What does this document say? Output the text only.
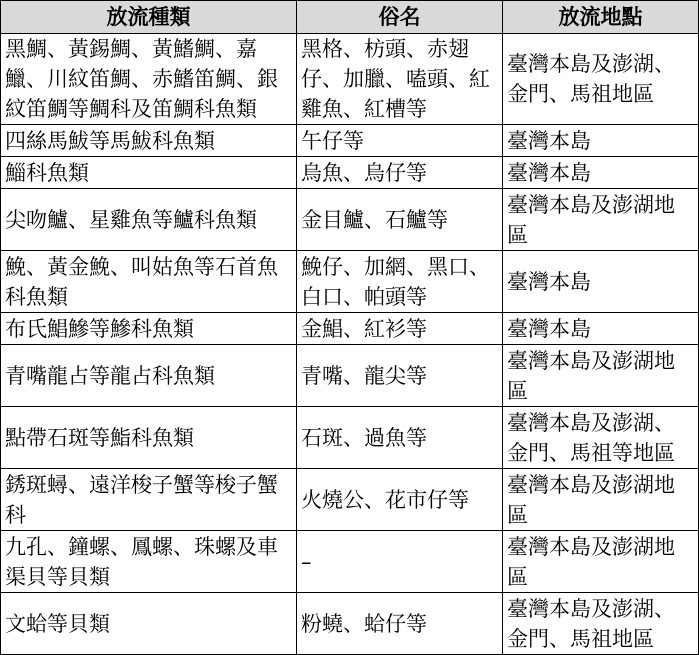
放流種類	俗名	放流地點

黑鯛、黃錫鯛、黃鰭鯛、嘉
鱲、川紋笛鯛、赤鰭笛鯛、銀
紋笛鯛等鯛科及笛鯛科魚類	黑格、枋頭、赤翅
仔、加臘、嗑頭、紅
雞魚、紅槽等	臺灣本島及澎湖、
金門、馬祖地區

四絲馬鮁等馬鮁科魚類	午仔等	臺灣本島

鯔科魚類	烏魚、烏仔等	臺灣本島

尖吻鱸、星雞魚等鱸科魚類	金目鱸、石鱸等	臺灣本島及澎湖地
區

鮸、黃金鮸、叫姑魚等石首魚
科魚類	鮸仔、加網、黑口、
白口、帕頭等	臺灣本島

布氏鯧鰺等鰺科魚類	金鯧、紅衫等	臺灣本島

青嘴龍占等龍占科魚類	青嘴、龍尖等	臺灣本島及澎湖地
區

點帶石斑等鮨科魚類	石斑、過魚等	臺灣本島及澎湖、
金門、馬祖等地區

銹斑蟳、遠洋梭子蟹等梭子蟹
科	火燒公、花市仔等	臺灣本島及澎湖地
區

九孔、鐘螺、鳳螺、珠螺及車
渠貝等貝類	–	臺灣本島及澎湖地
區

文蛤等貝類	粉蟯、蛤仔等	臺灣本島及澎湖、
金門、馬祖地區
